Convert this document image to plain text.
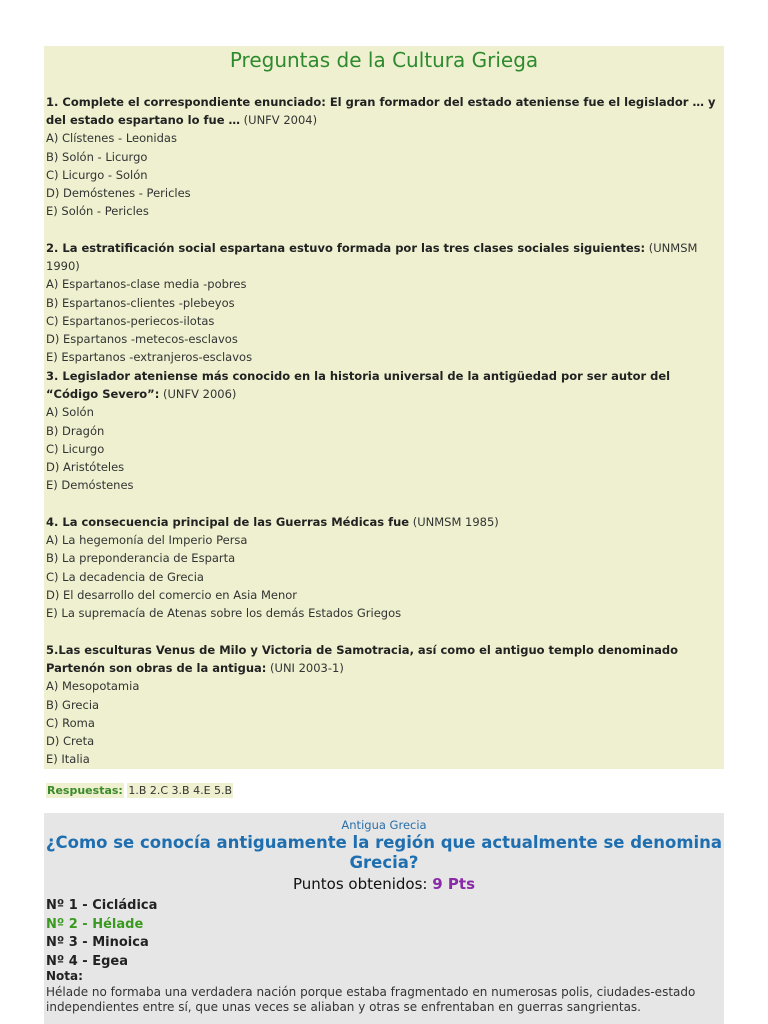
Preguntas de la Cultura Griega
1. Complete el correspondiente enunciado: El gran formador del estado ateniense fue el legislador … y del estado espartano lo fue … (UNFV 2004)
A) Clístenes - Leonidas
B) Solón - Licurgo
C) Licurgo - Solón
D) Demóstenes - Pericles
E) Solón - Pericles
2. La estratificación social espartana estuvo formada por las tres clases sociales siguientes: (UNMSM 1990)
A) Espartanos-clase media -pobres
B) Espartanos-clientes -plebeyos
C) Espartanos-periecos-ilotas
D) Espartanos -metecos-esclavos
E) Espartanos -extranjeros-esclavos
3. Legislador ateniense más conocido en la historia universal de la antigüedad por ser autor del “Código Severo”: (UNFV 2006)
A) Solón
B) Dragón
C) Licurgo
D) Aristóteles
E) Demóstenes
4. La consecuencia principal de las Guerras Médicas fue (UNMSM 1985)
A) La hegemonía del Imperio Persa
B) La preponderancia de Esparta
C) La decadencia de Grecia
D) El desarrollo del comercio en Asia Menor
E) La supremacía de Atenas sobre los demás Estados Griegos
5.Las esculturas Venus de Milo y Victoria de Samotracia, así como el antiguo templo denominado Partenón son obras de la antigua: (UNI 2003-1)
A) Mesopotamia
B) Grecia
C) Roma
D) Creta
E) Italia
Respuestas: 1.B 2.C 3.B 4.E 5.B
Antigua Grecia
¿Como se conocía antiguamente la región que actualmente se denomina Grecia?
Puntos obtenidos: 9 Pts
Nº 1 - Cicládica
Nº 2 - Hélade
Nº 3 - Minoica
Nº 4 - Egea
Nota:
Hélade no formaba una verdadera nación porque estaba fragmentado en numerosas polis, ciudades-estado independientes entre sí, que unas veces se aliaban y otras se enfrentaban en guerras sangrientas.
